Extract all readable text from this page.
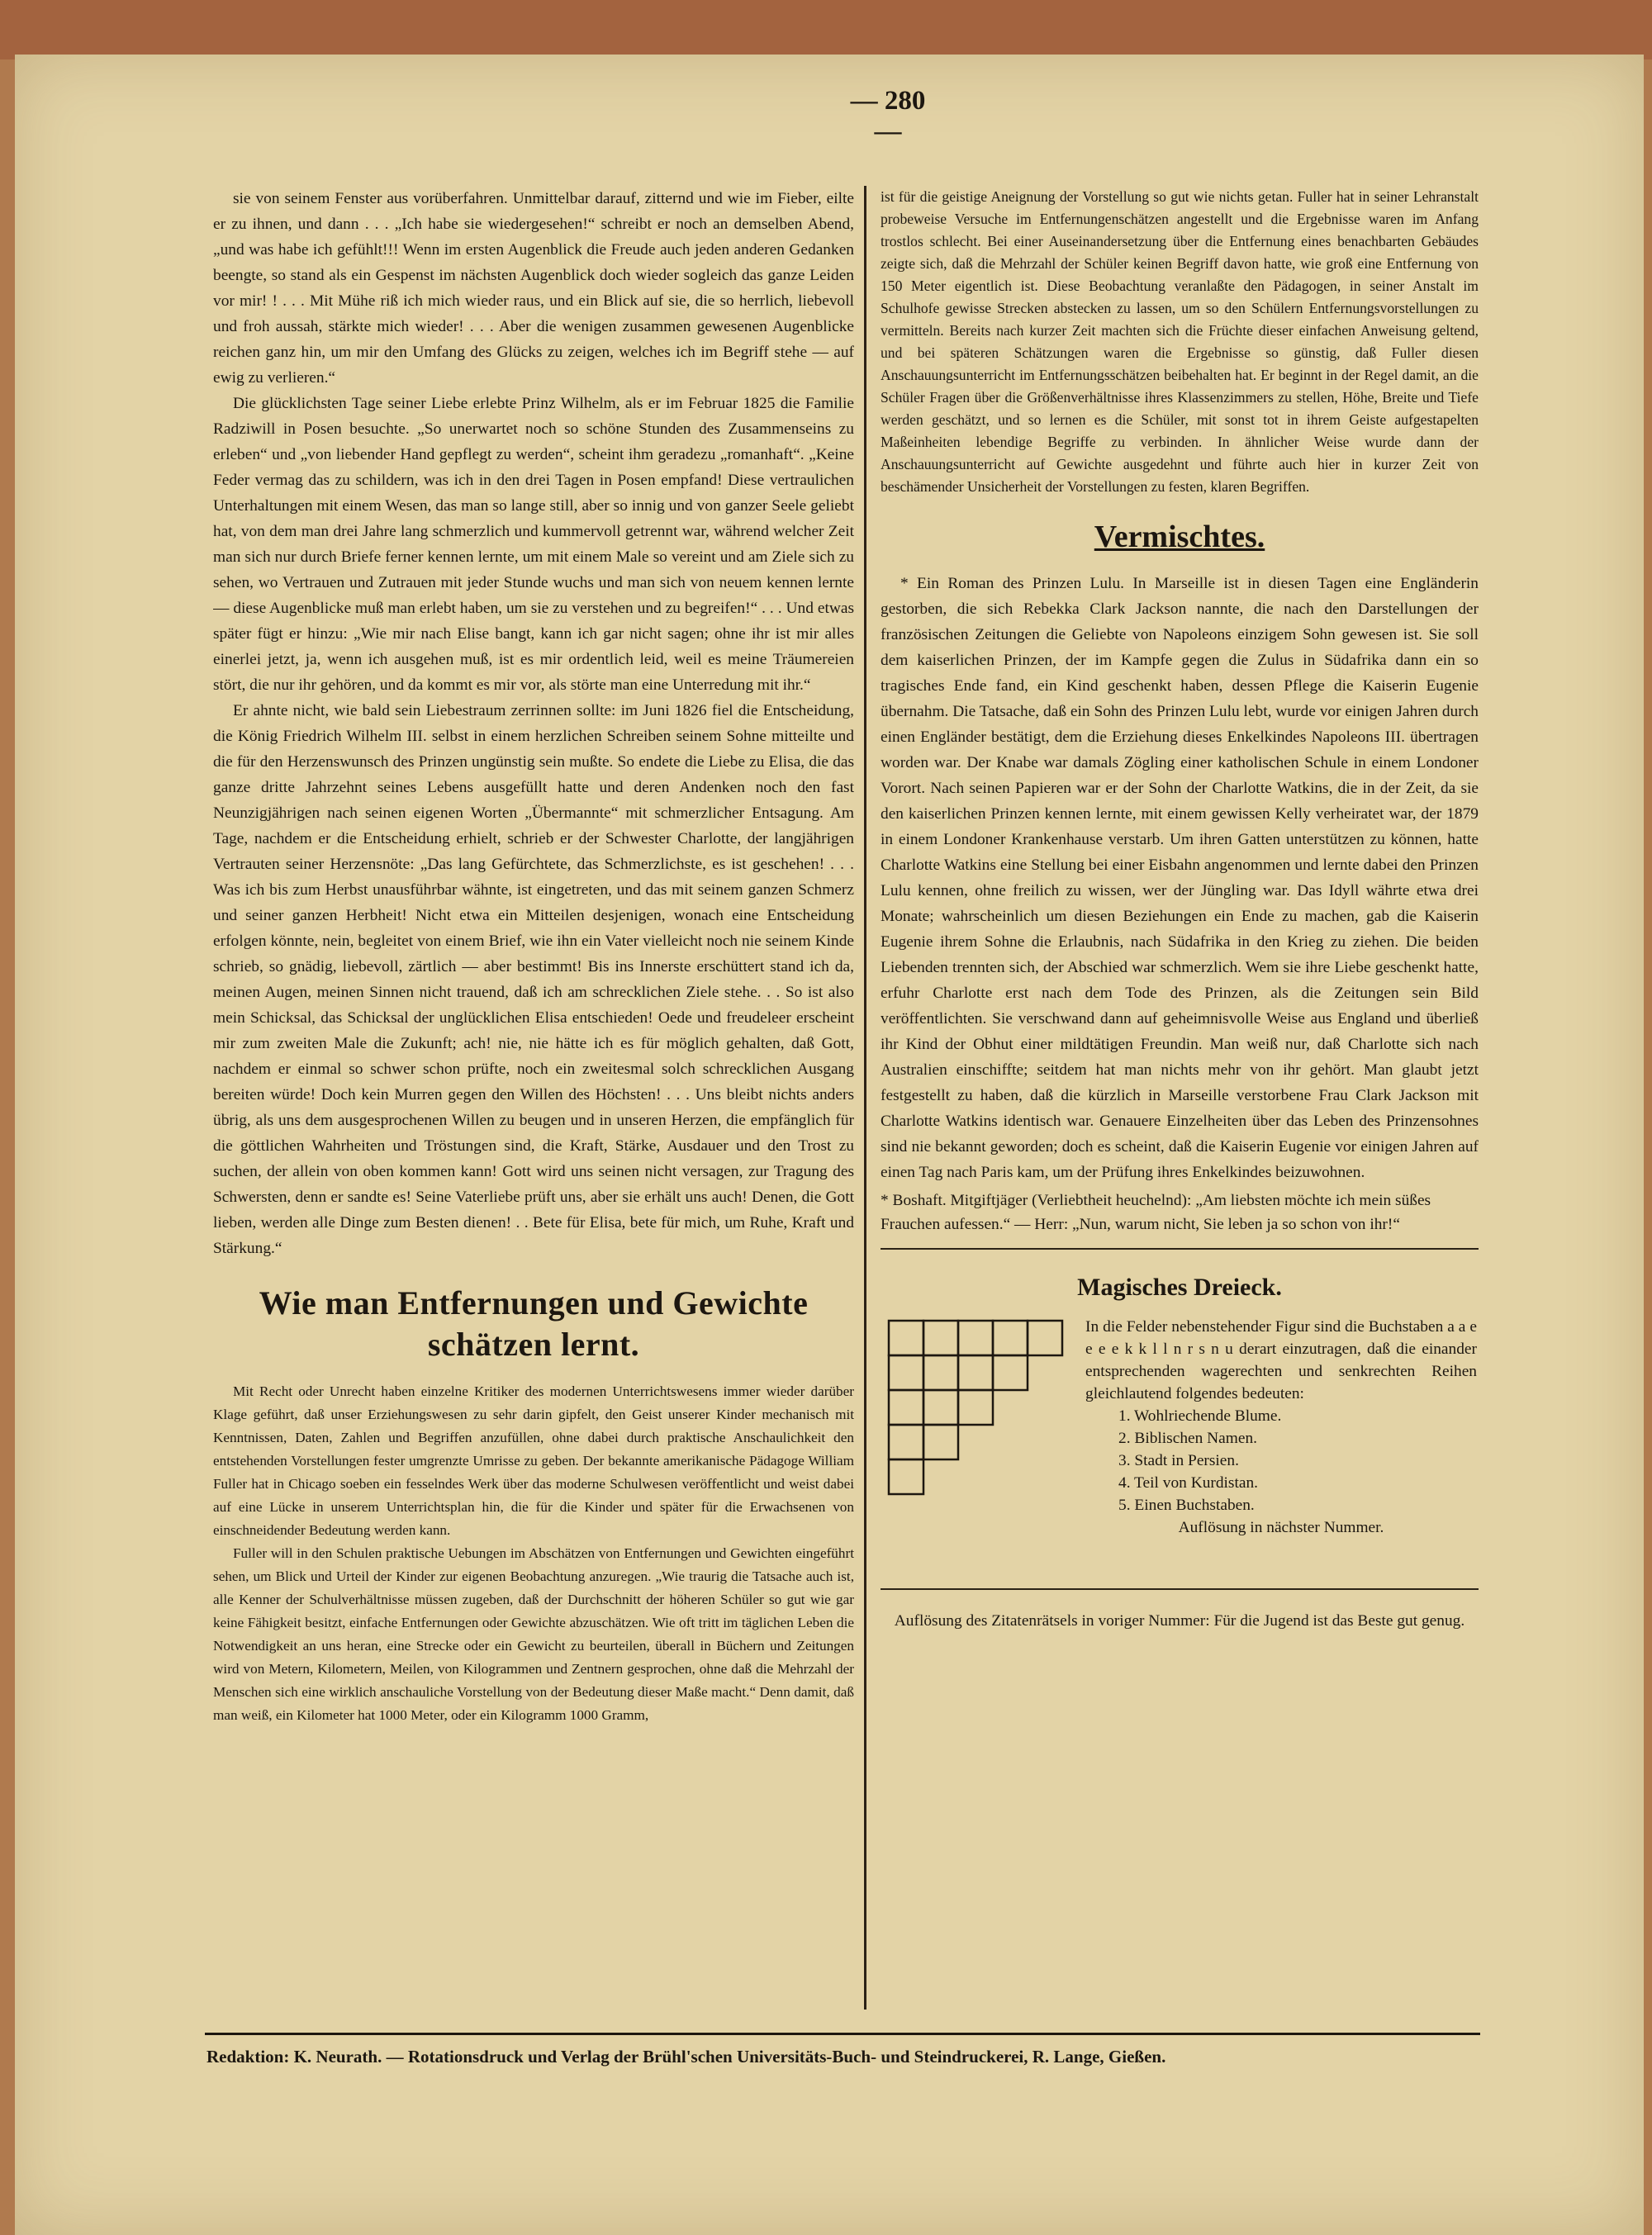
— 280 —

sie von seinem Fenster aus vorüberfahren. Unmittelbar darauf, zitternd und wie im Fieber, eilte er zu ihnen, und dann . . . „Ich habe sie wiedergesehen!“ schreibt er noch an demselben Abend, „und was habe ich gefühlt!!! Wenn im ersten Augenblick die Freude auch jeden anderen Gedanken beengte, so stand als ein Gespenst im nächsten Augenblick doch wieder sogleich das ganze Leiden vor mir! ! . . . Mit Mühe riß ich mich wieder raus, und ein Blick auf sie, die so herrlich, liebevoll und froh aussah, stärkte mich wieder! . . . Aber die wenigen zusammen gewesenen Augenblicke reichen ganz hin, um mir den Umfang des Glücks zu zeigen, welches ich im Begriff stehe — auf ewig zu verlieren.“

Die glücklichsten Tage seiner Liebe erlebte Prinz Wilhelm, als er im Februar 1825 die Familie Radziwill in Posen besuchte. „So unerwartet noch so schöne Stunden des Zusammenseins zu erleben“ und „von liebender Hand gepflegt zu werden“, scheint ihm geradezu „romanhaft“. „Keine Feder vermag das zu schildern, was ich in den drei Tagen in Posen empfand! Diese vertraulichen Unterhaltungen mit einem Wesen, das man so lange still, aber so innig und von ganzer Seele geliebt hat, von dem man drei Jahre lang schmerzlich und kummervoll getrennt war, während welcher Zeit man sich nur durch Briefe ferner kennen lernte, um mit einem Male so vereint und am Ziele sich zu sehen, wo Vertrauen und Zutrauen mit jeder Stunde wuchs und man sich von neuem kennen lernte — diese Augenblicke muß man erlebt haben, um sie zu verstehen und zu begreifen!“ . . . Und etwas später fügt er hinzu: „Wie mir nach Elise bangt, kann ich gar nicht sagen; ohne ihr ist mir alles einerlei jetzt, ja, wenn ich ausgehen muß, ist es mir ordentlich leid, weil es meine Träumereien stört, die nur ihr gehören, und da kommt es mir vor, als störte man eine Unterredung mit ihr.“

Er ahnte nicht, wie bald sein Liebestraum zerrinnen sollte: im Juni 1826 fiel die Entscheidung, die König Friedrich Wilhelm III. selbst in einem herzlichen Schreiben seinem Sohne mitteilte und die für den Herzenswunsch des Prinzen ungünstig sein mußte. So endete die Liebe zu Elisa, die das ganze dritte Jahrzehnt seines Lebens ausgefüllt hatte und deren Andenken noch den fast Neunzigjährigen nach seinen eigenen Worten „Übermannte“ mit schmerzlicher Entsagung. Am Tage, nachdem er die Entscheidung erhielt, schrieb er der Schwester Charlotte, der langjährigen Vertrauten seiner Herzensnöte: „Das lang Gefürchtete, das Schmerzlichste, es ist geschehen! . . . Was ich bis zum Herbst unausführbar wähnte, ist eingetreten, und das mit seinem ganzen Schmerz und seiner ganzen Herbheit! Nicht etwa ein Mitteilen desjenigen, wonach eine Entscheidung erfolgen könnte, nein, begleitet von einem Brief, wie ihn ein Vater vielleicht noch nie seinem Kinde schrieb, so gnädig, liebevoll, zärtlich — aber bestimmt! Bis ins Innerste erschüttert stand ich da, meinen Augen, meinen Sinnen nicht trauend, daß ich am schrecklichen Ziele stehe. . . So ist also mein Schicksal, das Schicksal der unglücklichen Elisa entschieden! Oede und freudeleer erscheint mir zum zweiten Male die Zukunft; ach! nie, nie hätte ich es für möglich gehalten, daß Gott, nachdem er einmal so schwer schon prüfte, noch ein zweitesmal solch schrecklichen Ausgang bereiten würde! Doch kein Murren gegen den Willen des Höchsten! . . . Uns bleibt nichts anders übrig, als uns dem ausgesprochenen Willen zu beugen und in unseren Herzen, die empfänglich für die göttlichen Wahrheiten und Tröstungen sind, die Kraft, Stärke, Ausdauer und den Trost zu suchen, der allein von oben kommen kann! Gott wird uns seinen nicht versagen, zur Tragung des Schwersten, denn er sandte es! Seine Vaterliebe prüft uns, aber sie erhält uns auch! Denen, die Gott lieben, werden alle Dinge zum Besten dienen! . . Bete für Elisa, bete für mich, um Ruhe, Kraft und Stärkung.“

Wie man Entfernungen und Gewichte schätzen lernt.

Mit Recht oder Unrecht haben einzelne Kritiker des modernen Unterrichtswesens immer wieder darüber Klage geführt, daß unser Erziehungswesen zu sehr darin gipfelt, den Geist unserer Kinder mechanisch mit Kenntnissen, Daten, Zahlen und Begriffen anzufüllen, ohne dabei durch praktische Anschaulichkeit den entstehenden Vorstellungen fester umgrenzte Umrisse zu geben. Der bekannte amerikanische Pädagoge William Fuller hat in Chicago soeben ein fesselndes Werk über das moderne Schulwesen veröffentlicht und weist dabei auf eine Lücke in unserem Unterrichtsplan hin, die für die Kinder und später für die Erwachsenen von einschneidender Bedeutung werden kann.

Fuller will in den Schulen praktische Uebungen im Abschätzen von Entfernungen und Gewichten eingeführt sehen, um Blick und Urteil der Kinder zur eigenen Beobachtung anzuregen. „Wie traurig die Tatsache auch ist, alle Kenner der Schulverhältnisse müssen zugeben, daß der Durchschnitt der höheren Schüler so gut wie gar keine Fähigkeit besitzt, einfache Entfernungen oder Gewichte abzuschätzen. Wie oft tritt im täglichen Leben die Notwendigkeit an uns heran, eine Strecke oder ein Gewicht zu beurteilen, überall in Büchern und Zeitungen wird von Metern, Kilometern, Meilen, von Kilogrammen und Zentnern gesprochen, ohne daß die Mehrzahl der Menschen sich eine wirklich anschauliche Vorstellung von der Bedeutung dieser Maße macht.“ Denn damit, daß man weiß, ein Kilometer hat 1000 Meter, oder ein Kilogramm 1000 Gramm,

ist für die geistige Aneignung der Vorstellung so gut wie nichts getan. Fuller hat in seiner Lehranstalt probeweise Versuche im Entfernungenschätzen angestellt und die Ergebnisse waren im Anfang trostlos schlecht. Bei einer Auseinandersetzung über die Entfernung eines benachbarten Gebäudes zeigte sich, daß die Mehrzahl der Schüler keinen Begriff davon hatte, wie groß eine Entfernung von 150 Meter eigentlich ist. Diese Beobachtung veranlaßte den Pädagogen, in seiner Anstalt im Schulhofe gewisse Strecken abstecken zu lassen, um so den Schülern Entfernungsvorstellungen zu vermitteln. Bereits nach kurzer Zeit machten sich die Früchte dieser einfachen Anweisung geltend, und bei späteren Schätzungen waren die Ergebnisse so günstig, daß Fuller diesen Anschauungsunterricht im Entfernungsschätzen beibehalten hat. Er beginnt in der Regel damit, an die Schüler Fragen über die Größenverhältnisse ihres Klassenzimmers zu stellen, Höhe, Breite und Tiefe werden geschätzt, und so lernen es die Schüler, mit sonst tot in ihrem Geiste aufgestapelten Maßeinheiten lebendige Begriffe zu verbinden. In ähnlicher Weise wurde dann der Anschauungsunterricht auf Gewichte ausgedehnt und führte auch hier in kurzer Zeit von beschämender Unsicherheit der Vorstellungen zu festen, klaren Begriffen.

Vermischtes.

* Ein Roman des Prinzen Lulu. In Marseille ist in diesen Tagen eine Engländerin gestorben, die sich Rebekka Clark Jackson nannte, die nach den Darstellungen der französischen Zeitungen die Geliebte von Napoleons einzigem Sohn gewesen ist. Sie soll dem kaiserlichen Prinzen, der im Kampfe gegen die Zulus in Südafrika dann ein so tragisches Ende fand, ein Kind geschenkt haben, dessen Pflege die Kaiserin Eugenie übernahm. Die Tatsache, daß ein Sohn des Prinzen Lulu lebt, wurde vor einigen Jahren durch einen Engländer bestätigt, dem die Erziehung dieses Enkelkindes Napoleons III. übertragen worden war. Der Knabe war damals Zögling einer katholischen Schule in einem Londoner Vorort. Nach seinen Papieren war er der Sohn der Charlotte Watkins, die in der Zeit, da sie den kaiserlichen Prinzen kennen lernte, mit einem gewissen Kelly verheiratet war, der 1879 in einem Londoner Krankenhause verstarb. Um ihren Gatten unterstützen zu können, hatte Charlotte Watkins eine Stellung bei einer Eisbahn angenommen und lernte dabei den Prinzen Lulu kennen, ohne freilich zu wissen, wer der Jüngling war. Das Idyll währte etwa drei Monate; wahrscheinlich um diesen Beziehungen ein Ende zu machen, gab die Kaiserin Eugenie ihrem Sohne die Erlaubnis, nach Südafrika in den Krieg zu ziehen. Die beiden Liebenden trennten sich, der Abschied war schmerzlich. Wem sie ihre Liebe geschenkt hatte, erfuhr Charlotte erst nach dem Tode des Prinzen, als die Zeitungen sein Bild veröffentlichten. Sie verschwand dann auf geheimnisvolle Weise aus England und überließ ihr Kind der Obhut einer mildtätigen Freundin. Man weiß nur, daß Charlotte sich nach Australien einschiffte; seitdem hat man nichts mehr von ihr gehört. Man glaubt jetzt festgestellt zu haben, daß die kürzlich in Marseille verstorbene Frau Clark Jackson mit Charlotte Watkins identisch war. Genauere Einzelheiten über das Leben des Prinzensohnes sind nie bekannt geworden; doch es scheint, daß die Kaiserin Eugenie vor einigen Jahren auf einen Tag nach Paris kam, um der Prüfung ihres Enkelkindes beizuwohnen.

* Boshaft. Mitgiftjäger (Verliebtheit heuchelnd): „Am liebsten möchte ich mein süßes Frauchen aufessen.“ — Herr: „Nun, warum nicht, Sie leben ja so schon von ihr!“
Magisches Dreieck.
In die Felder nebenstehender Figur sind die Buchstaben a a e e e e k k l l n r s n u derart einzutragen, daß die einander entsprechenden wagerechten und senkrechten Reihen gleichlautend folgendes bedeuten:
1. Wohlriechende Blume.
2. Biblischen Namen.
3. Stadt in Persien.
4. Teil von Kurdistan.
5. Einen Buchstaben.
Auflösung in nächster Nummer.
Auflösung des Zitatenrätsels in voriger Nummer: Für die Jugend ist das Beste gut genug.
Redaktion: K. Neurath. — Rotationsdruck und Verlag der Brühl'schen Universitäts-Buch- und Steindruckerei, R. Lange, Gießen.
